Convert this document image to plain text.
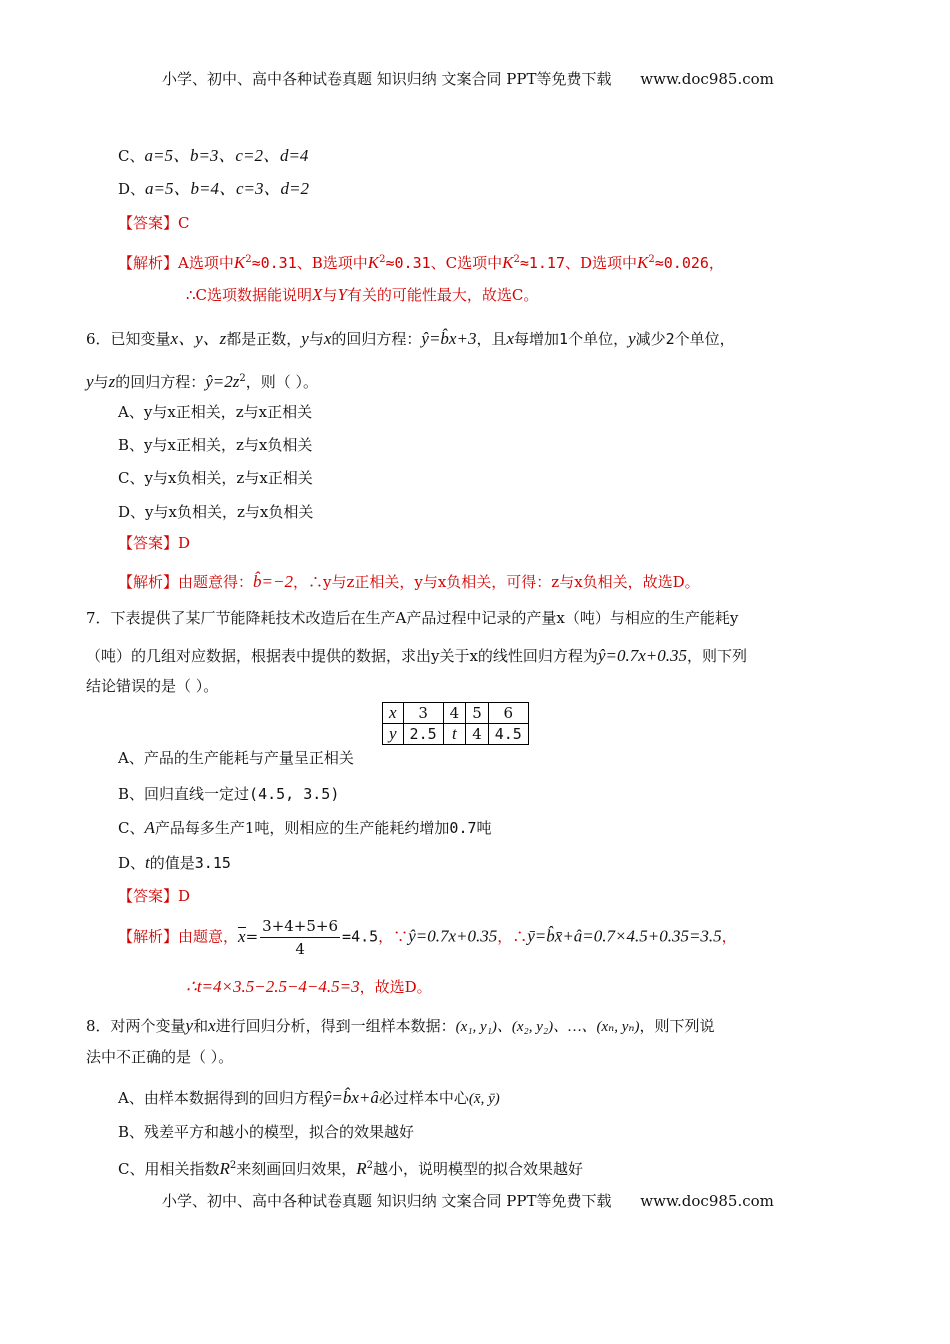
小学、初中、高中各种试卷真题 知识归纳 文案合同 PPT等免费下载 www.doc985.com
C、a=5、b=3、c=2、d=4
D、a=5、b=4、c=3、d=2
【答案】C
【解析】A选项中$K^2\approx 0.31$、B选项中$K^2\approx 0.31$、C选项中$K^2\approx 1.17$、D选项中$K^2\approx 0.026$，
∴C选项数据能说明X与Y有关的可能性最大，故选C。
6．已知变量x、y、z都是正数，y与x的回归方程：ŷ=b̂x+3，且x每增加1个单位，y减少2个单位，
y与z的回归方程：$ŷ=2z^2$，则（ ）。
A、y与x正相关，z与x正相关
B、y与x正相关，z与x负相关
C、y与x负相关，z与x正相关
D、y与x负相关，z与x负相关
【答案】D
【解析】由题意得：b̂=−2，∴y与z正相关，y与x负相关，可得：z与x负相关，故选D。
7．下表提供了某厂节能降耗技术改造后在生产A产品过程中记录的产量x（吨）与相应的生产能耗y
（吨）的几组对应数据，根据表中提供的数据，求出y关于x的线性回归方程为ŷ=0.7x+0.35，则下列
结论错误的是（ ）。
x	3	4	5	6
y	2.5	t	4	4.5
A、产品的生产能耗与产量呈正相关
B、回归直线一定过(4.5, 3.5)
C、A产品每多生产1吨，则相应的生产能耗约增加0.7吨
D、t的值是3.15
【答案】D
【解析】由题意，$x= \frac{3+4+5+6}{4} =4.5$，∵ŷ=0.7x+0.35，∴ȳ=b̂x̄+â=0.7×4.5+0.35=3.5，
∴t=4×3.5−2.5−4−4.5=3，故选D。
8．对两个变量y和x进行回归分析，得到一组样本数据：(x₁, y₁)、(x₂, y₂)、…、(xₙ, yₙ)，则下列说
法中不正确的是（ ）。
A、由样本数据得到的回归方程ŷ=b̂x+â必过样本中心(x̄, ȳ)
B、残差平方和越小的模型，拟合的效果越好
C、用相关指数$R^2$来刻画回归效果，$R^2$越小，说明模型的拟合效果越好
小学、初中、高中各种试卷真题 知识归纳 文案合同 PPT等免费下载 www.doc985.com
